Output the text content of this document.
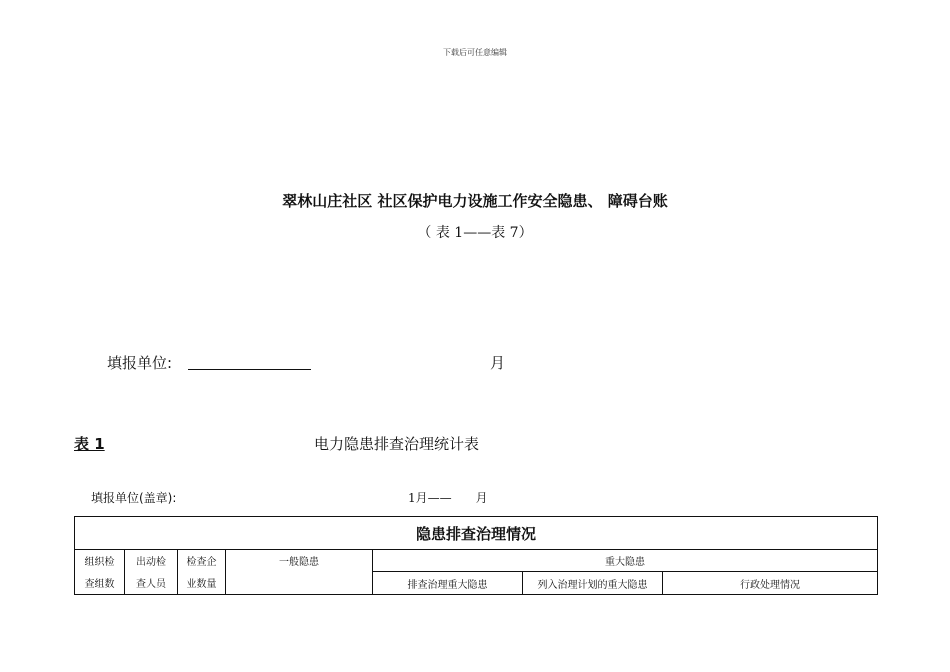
下载后可任意编辑
翠林山庄社区 社区保护电力设施工作安全隐患、 障碍台账
（ 表 1——表 7）
填报单位:	月
表 1	电力隐患排查治理统计表
填报单位(盖章):	1月——　　月
隐患排查治理情况						
组织检	出动检	检查企	一般隐患	重大隐患		
查组数	查人员	业数量		排查治理重大隐患	列入治理计划的重大隐患	行政处理情况
